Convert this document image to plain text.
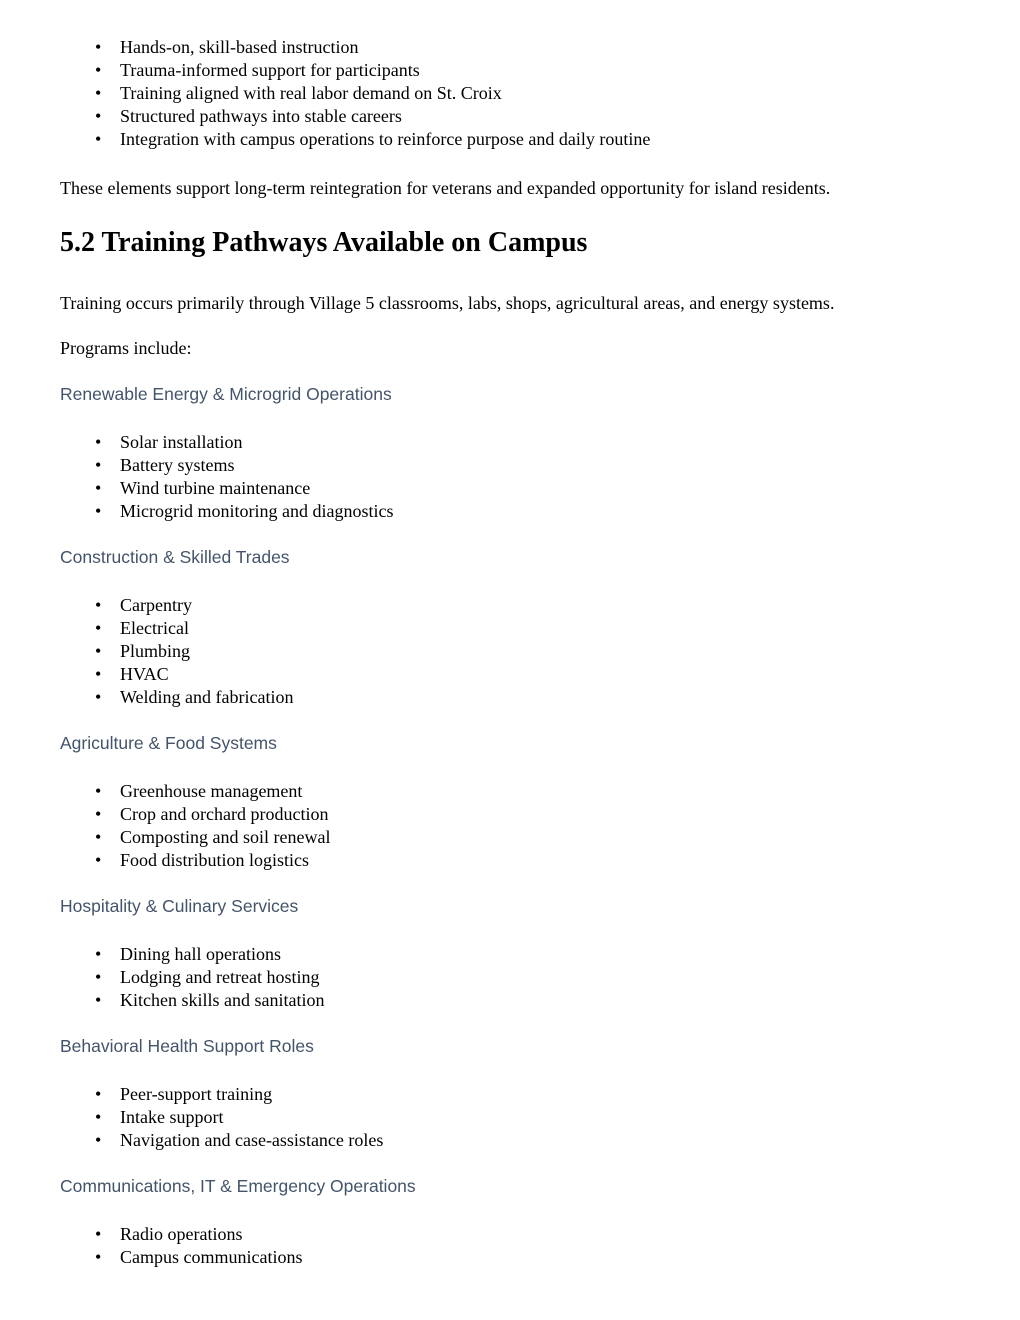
• Hands-on, skill-based instruction
• Trauma-informed support for participants
• Training aligned with real labor demand on St. Croix
• Structured pathways into stable careers
• Integration with campus operations to reinforce purpose and daily routine

These elements support long-term reintegration for veterans and expanded opportunity for island residents.

5.2 Training Pathways Available on Campus

Training occurs primarily through Village 5 classrooms, labs, shops, agricultural areas, and energy systems.

Programs include:

Renewable Energy & Microgrid Operations
• Solar installation
• Battery systems
• Wind turbine maintenance
• Microgrid monitoring and diagnostics
Construction & Skilled Trades
• Carpentry
• Electrical
• Plumbing
• HVAC
• Welding and fabrication
Agriculture & Food Systems
• Greenhouse management
• Crop and orchard production
• Composting and soil renewal
• Food distribution logistics
Hospitality & Culinary Services
• Dining hall operations
• Lodging and retreat hosting
• Kitchen skills and sanitation
Behavioral Health Support Roles
• Peer-support training
• Intake support
• Navigation and case-assistance roles
Communications, IT & Emergency Operations
• Radio operations
• Campus communications
